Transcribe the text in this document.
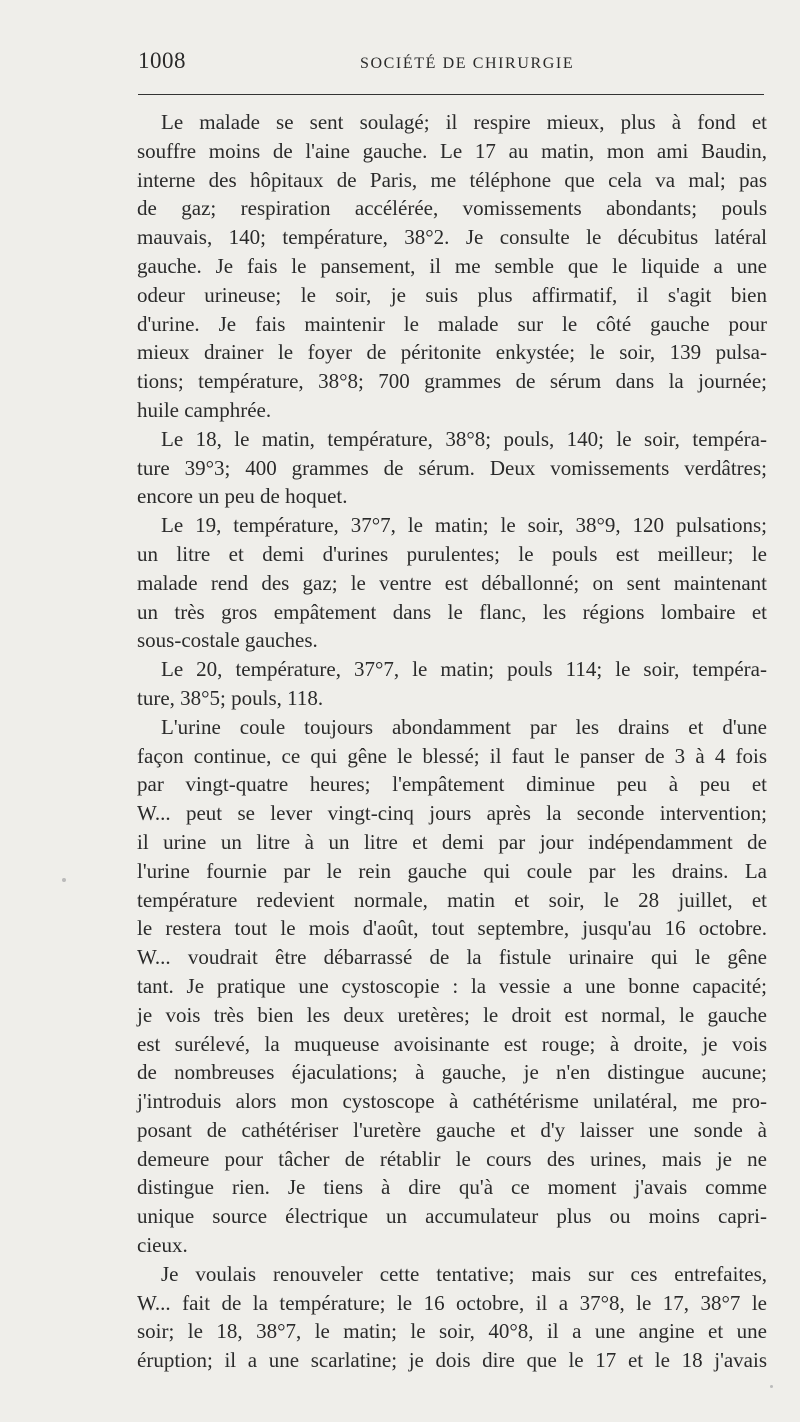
1008	SOCIÉTÉ DE CHIRURGIE
Le malade se sent soulagé; il respire mieux, plus à fond et
souffre moins de l'aine gauche. Le 17 au matin, mon ami Baudin,
interne des hôpitaux de Paris, me téléphone que cela va mal; pas
de gaz; respiration accélérée, vomissements abondants; pouls
mauvais, 140; température, 38°2. Je consulte le décubitus latéral
gauche. Je fais le pansement, il me semble que le liquide a une
odeur urineuse; le soir, je suis plus affirmatif, il s'agit bien
d'urine. Je fais maintenir le malade sur le côté gauche pour
mieux drainer le foyer de péritonite enkystée; le soir, 139 pulsa-
tions; température, 38°8; 700 grammes de sérum dans la journée;
huile camphrée.
Le 18, le matin, température, 38°8; pouls, 140; le soir, tempéra-
ture 39°3; 400 grammes de sérum. Deux vomissements verdâtres;
encore un peu de hoquet.
Le 19, température, 37°7, le matin; le soir, 38°9, 120 pulsations;
un litre et demi d'urines purulentes; le pouls est meilleur; le
malade rend des gaz; le ventre est déballonné; on sent maintenant
un très gros empâtement dans le flanc, les régions lombaire et
sous-costale gauches.
Le 20, température, 37°7, le matin; pouls 114; le soir, tempéra-
ture, 38°5; pouls, 118.
L'urine coule toujours abondamment par les drains et d'une
façon continue, ce qui gêne le blessé; il faut le panser de 3 à 4 fois
par vingt-quatre heures; l'empâtement diminue peu à peu et
W... peut se lever vingt-cinq jours après la seconde intervention;
il urine un litre à un litre et demi par jour indépendamment de
l'urine fournie par le rein gauche qui coule par les drains. La
température redevient normale, matin et soir, le 28 juillet, et
le restera tout le mois d'août, tout septembre, jusqu'au 16 octobre.
W... voudrait être débarrassé de la fistule urinaire qui le gêne
tant. Je pratique une cystoscopie : la vessie a une bonne capacité;
je vois très bien les deux uretères; le droit est normal, le gauche
est surélevé, la muqueuse avoisinante est rouge; à droite, je vois
de nombreuses éjaculations; à gauche, je n'en distingue aucune;
j'introduis alors mon cystoscope à cathétérisme unilatéral, me pro-
posant de cathétériser l'uretère gauche et d'y laisser une sonde à
demeure pour tâcher de rétablir le cours des urines, mais je ne
distingue rien. Je tiens à dire qu'à ce moment j'avais comme
unique source électrique un accumulateur plus ou moins capri-
cieux.
Je voulais renouveler cette tentative; mais sur ces entrefaites,
W... fait de la température; le 16 octobre, il a 37°8, le 17, 38°7 le
soir; le 18, 38°7, le matin; le soir, 40°8, il a une angine et une
éruption; il a une scarlatine; je dois dire que le 17 et le 18 j'avais
